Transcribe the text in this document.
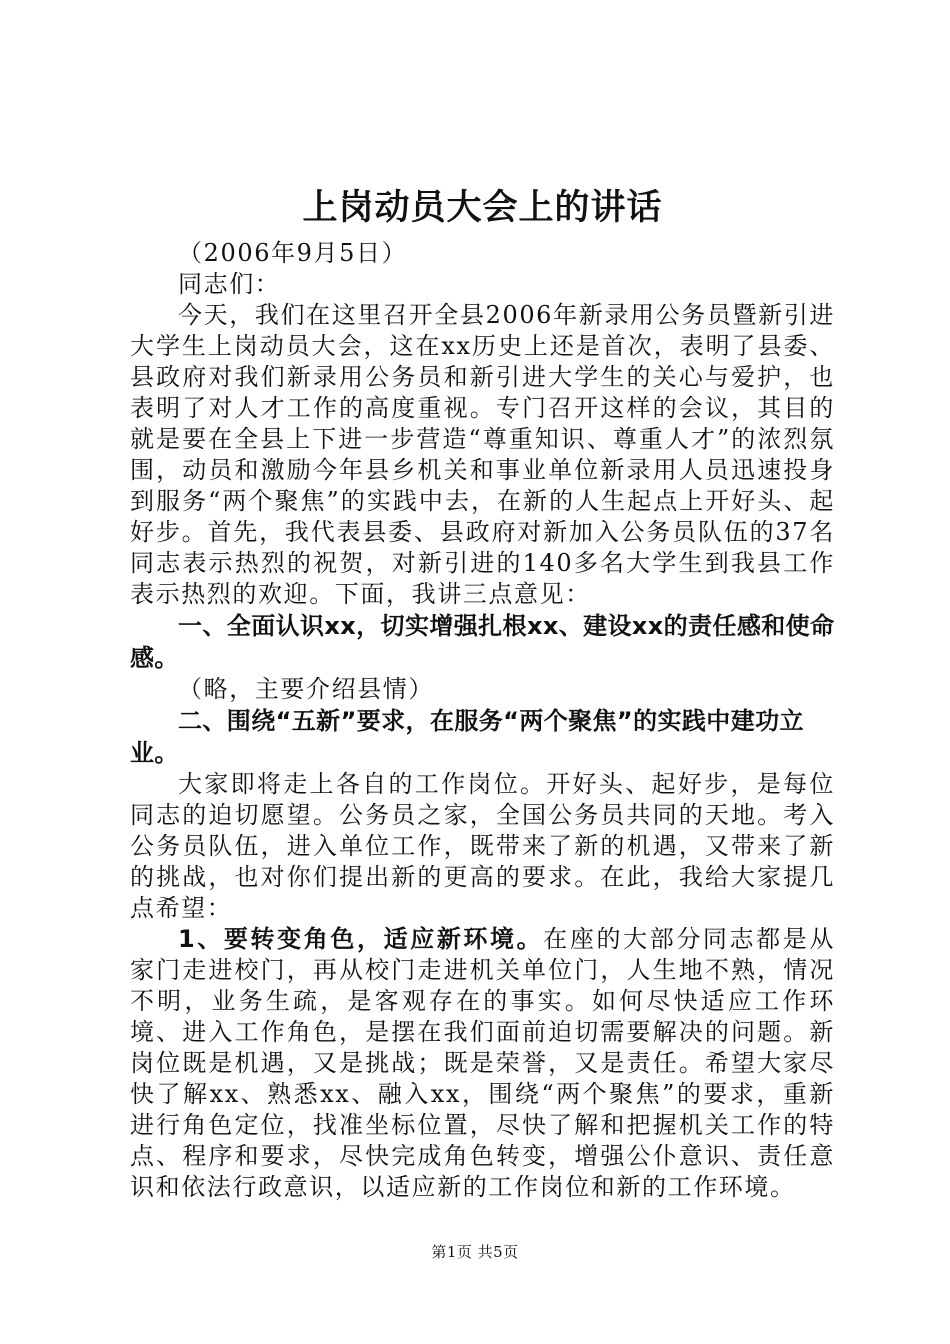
上岗动员大会上的讲话

（2006年9月5日）

同志们：

今天，我们在这里召开全县2006年新录用公务员暨新引进大学生上岗动员大会，这在xx历史上还是首次，表明了县委、县政府对我们新录用公务员和新引进大学生的关心与爱护，也表明了对人才工作的高度重视。专门召开这样的会议，其目的就是要在全县上下进一步营造“尊重知识、尊重人才”的浓烈氛围，动员和激励今年县乡机关和事业单位新录用人员迅速投身到服务“两个聚焦”的实践中去，在新的人生起点上开好头、起好步。首先，我代表县委、县政府对新加入公务员队伍的37名同志表示热烈的祝贺，对新引进的140多名大学生到我县工作表示热烈的欢迎。下面，我讲三点意见：

一、全面认识xx，切实增强扎根xx、建设xx的责任感和使命感。

（略，主要介绍县情）

二、围绕“五新”要求，在服务“两个聚焦”的实践中建功立业。

大家即将走上各自的工作岗位。开好头、起好步，是每位同志的迫切愿望。公务员之家，全国公务员共同的天地。考入公务员队伍，进入单位工作，既带来了新的机遇，又带来了新的挑战，也对你们提出新的更高的要求。在此，我给大家提几点希望：

1、要转变角色，适应新环境。在座的大部分同志都是从家门走进校门，再从校门走进机关单位门，人生地不熟，情况不明，业务生疏，是客观存在的事实。如何尽快适应工作环境、进入工作角色，是摆在我们面前迫切需要解决的问题。新岗位既是机遇，又是挑战；既是荣誉，又是责任。希望大家尽快了解xx、熟悉xx、融入xx，围绕“两个聚焦”的要求，重新进行角色定位，找准坐标位置，尽快了解和把握机关工作的特点、程序和要求，尽快完成角色转变，增强公仆意识、责任意识和依法行政意识，以适应新的工作岗位和新的工作环境。

第1页 共5页
